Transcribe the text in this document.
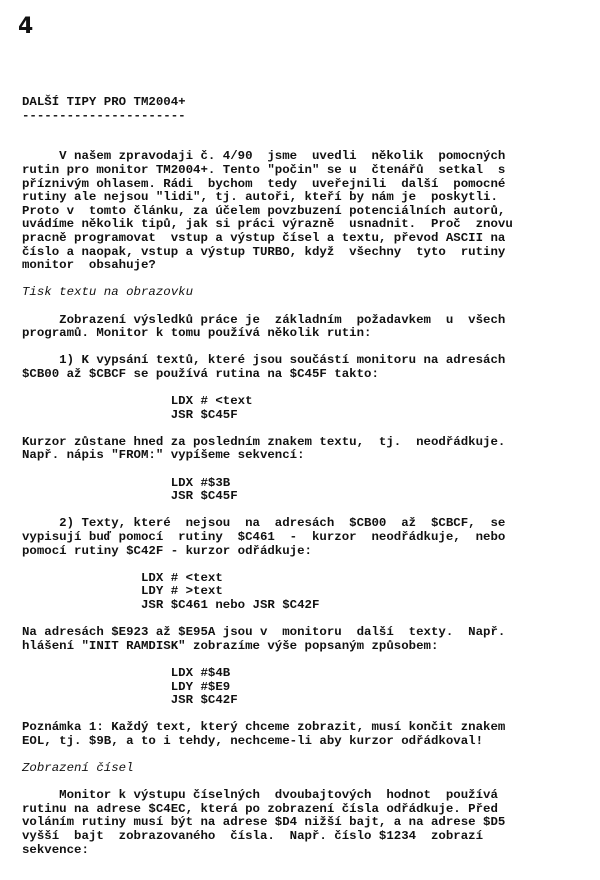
4
DALŠÍ TIPY PRO TM2004+
----------------------
V našem zpravodaji č. 4/90  jsme  uvedli  několik  pomocných
rutin pro monitor TM2004+. Tento "počin" se u  čtenářů  setkal  s
příznivým ohlasem. Rádi  bychom  tedy  uveřejnili  další  pomocné
rutiny ale nejsou "lidi", tj. autoři, kteří by nám je  poskytli.
Proto v  tomto článku, za účelem povzbuzení potenciálních autorů,
uvádíme několik tipů, jak si práci výrazně  usnadnit.  Proč  znovu
pracně programovat  vstup a výstup čísel a textu, převod ASCII na
číslo a naopak, vstup a výstup TURBO, když  všechny  tyto  rutiny
monitor  obsahuje?
Tisk textu na obrazovku
Zobrazení výsledků práce je  základním  požadavkem  u  všech
programů. Monitor k tomu používá několik rutin:
1) K vypsání textů, které jsou součástí monitoru na adresách
$CB00 až $CBCF se používá rutina na $C45F takto:
LDX # <text
JSR $C45F
Kurzor zůstane hned za posledním znakem textu,  tj.  neodřádkuje.
Např. nápis "FROM:" vypíšeme sekvencí:
LDX #$3B
JSR $C45F
2) Texty, které  nejsou  na  adresách  $CB00  až  $CBCF,  se
vypisují buď pomocí  rutiny  $C461  -  kurzor  neodřádkuje,  nebo
pomocí rutiny $C42F - kurzor odřádkuje:
LDX # <text
LDY # >text
JSR $C461 nebo JSR $C42F
Na adresách $E923 až $E95A jsou v  monitoru  další  texty.  Např.
hlášení "INIT RAMDISK" zobrazíme výše popsaným způsobem:
LDX #$4B
LDY #$E9
JSR $C42F
Poznámka 1: Každý text, který chceme zobrazit, musí končit znakem
EOL, tj. $9B, a to i tehdy, nechceme-li aby kurzor odřádkoval!
Zobrazení čísel
Monitor k výstupu číselných  dvoubajtových  hodnot  používá
rutinu na adrese $C4EC, která po zobrazení čísla odřádkuje. Před
voláním rutiny musí být na adrese $D4 nižší bajt, a na adrese $D5
vyšší  bajt  zobrazovaného  čísla.  Např. číslo $1234  zobrazí
sekvence:
